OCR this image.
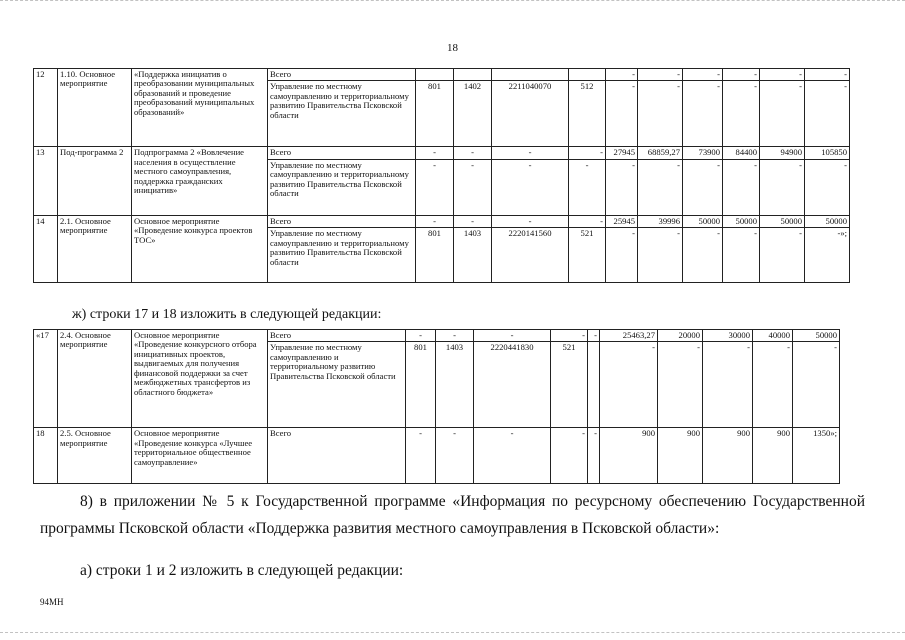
18
12	1.10. Основное мероприятие	«Поддержка инициатив о преобразовании муниципальных образований и проведение преобразований муниципальных образований»	Всего					-	-	-	-	-	-
			Управление по местному самоуправлению и территориальному развитию Правительства Псковской области	801	1402	2211040070	512	-	-	-	-	-	-
13	Под-программа 2	Подпрограмма 2 «Вовлечение населения в осуществление местного самоуправления, поддержка гражданских инициатив»	Всего	-	-	-	-	27945	68859,27	73900	84400	94900	105850
			Управление по местному самоуправлению и территориальному развитию Правительства Псковской области	-	-	-	-	-	-	-	-	-	-
14	2.1. Основное мероприятие	Основное мероприятие «Проведение конкурса проектов ТОС»	Всего	-	-	-	-	25945	39996	50000	50000	50000	50000
			Управление по местному самоуправлению и территориальному развитию Правительства Псковской области	801	1403	2220141560	521	-	-	-	-	-	-»;
ж) строки 17 и 18 изложить в следующей редакции:
«17	2.4. Основное мероприятие	Основное мероприятие «Проведение конкурсного отбора инициативных проектов, выдвигаемых для получения финансовой поддержки за счет межбюджетных трансфертов из областного бюджета»	Всего	-	-	-	-	-	25463,27	20000	30000	40000	50000
			Управление по местному самоуправлению и территориальному развитию Правительства Псковской области	801	1403	2220441830	521		-	-	-	-	-
18	2.5. Основное мероприятие	Основное мероприятие «Проведение конкурса «Лучшее территориальное общественное самоуправление»	Всего	-	-	-	-	-	900	900	900	900	1350»;
8) в приложении № 5 к Государственной программе «Информация по ресурсному обеспечению Государственной программы Псковской области «Поддержка развития местного самоуправления в Псковской области»:
а) строки 1 и 2 изложить в следующей редакции:
94МН
